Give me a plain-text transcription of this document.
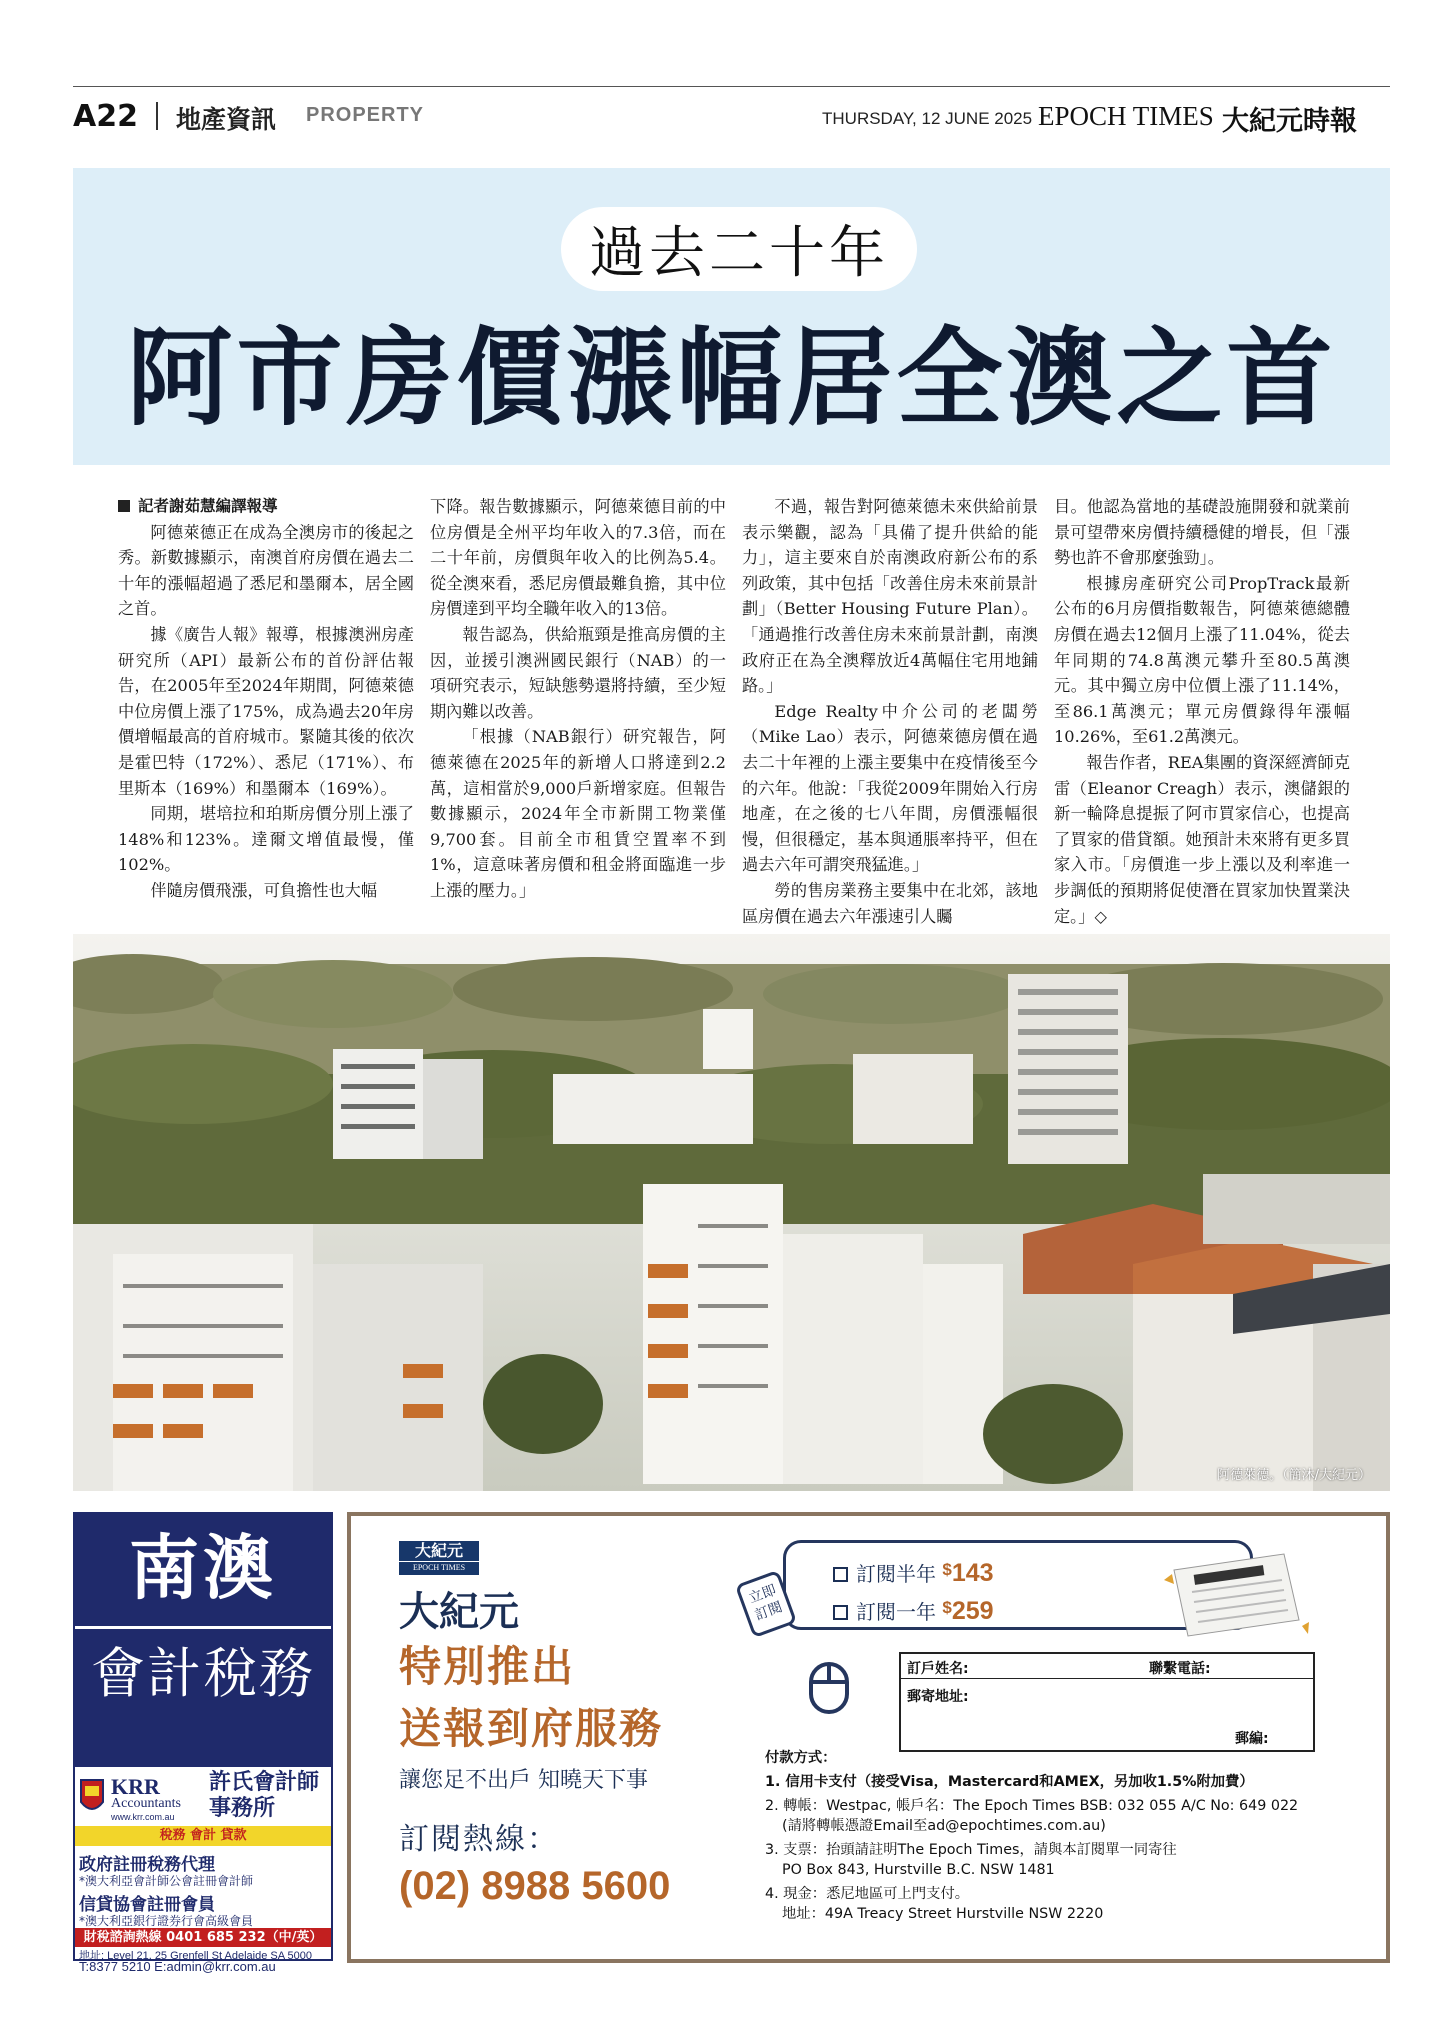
A22 地產資訊 PROPERTY	THURSDAY, 12 JUNE 2025 EPOCH TIMES 大紀元時報
過去二十年
阿市房價漲幅居全澳之首

記者謝茹慧編譯報導

阿德萊德正在成為全澳房市的後起之秀。新數據顯示，南澳首府房價在過去二十年的漲幅超過了悉尼和墨爾本，居全國之首。

據《廣告人報》報導，根據澳洲房產研究所（API）最新公布的首份評估報告，在2005年至2024年期間，阿德萊德中位房價上漲了175%，成為過去20年房價增幅最高的首府城市。緊隨其後的依次是霍巴特（172%）、悉尼（171%）、布里斯本（169%）和墨爾本（169%）。

同期，堪培拉和珀斯房價分別上漲了148%和123%。達爾文增值最慢，僅102%。

伴隨房價飛漲，可負擔性也大幅

下降。報告數據顯示，阿德萊德目前的中位房價是全州平均年收入的7.3倍，而在二十年前，房價與年收入的比例為5.4。從全澳來看，悉尼房價最難負擔，其中位房價達到平均全職年收入的13倍。

報告認為，供給瓶頸是推高房價的主因，並援引澳洲國民銀行（NAB）的一項研究表示，短缺態勢還將持續，至少短期內難以改善。

「根據（NAB銀行）研究報告，阿德萊德在2025年的新增人口將達到2.2萬，這相當於9,000戶新增家庭。但報告數據顯示，2024年全市新開工物業僅9,700套。目前全市租賃空置率不到1%，這意味著房價和租金將面臨進一步上漲的壓力。」

不過，報告對阿德萊德未來供給前景表示樂觀，認為「具備了提升供給的能力」，這主要來自於南澳政府新公布的系列政策，其中包括「改善住房未來前景計劃」（Better Housing Future Plan）。「通過推行改善住房未來前景計劃，南澳政府正在為全澳釋放近4萬幅住宅用地鋪路。」

Edge Realty中介公司的老闆勞（Mike Lao）表示，阿德萊德房價在過去二十年裡的上漲主要集中在疫情後至今的六年。他說：「我從2009年開始入行房地產，在之後的七八年間，房價漲幅很慢，但很穩定，基本與通脹率持平，但在過去六年可謂突飛猛進。」

勞的售房業務主要集中在北郊，該地區房價在過去六年漲速引人矚

目。他認為當地的基礎設施開發和就業前景可望帶來房價持續穩健的增長，但「漲勢也許不會那麼強勁」。

根據房產研究公司PropTrack最新公布的6月房價指數報告，阿德萊德總體房價在過去12個月上漲了11.04%，從去年同期的74.8萬澳元攀升至80.5萬澳元。其中獨立房中位價上漲了11.14%，至86.1萬澳元；單元房價錄得年漲幅10.26%，至61.2萬澳元。

報告作者，REA集團的資深經濟師克雷（Eleanor Creagh）表示，澳儲銀的新一輪降息提振了阿市買家信心，也提高了買家的借貸額。她預計未來將有更多買家入市。「房價進一步上漲以及利率進一步調低的預期將促使潛在買家加快置業決定。」◇

阿德萊德。（簡沐/大紀元）
南澳
會計稅務
KRR
Accountants
www.krr.com.au
許氏會計師事務所
稅務 會計 貸款
政府註冊稅務代理
*澳大利亞會計師公會註冊會計師
信貸協會註冊會員
*澳大利亞銀行證券行會高級會員
財稅諮詢熱線 0401 685 232（中/英）
地址: Level 21, 25 Grenfell St Adelaide SA 5000
T:8377 5210 E:admin@krr.com.au
大紀元
EPOCH TIMES
大紀元
特別推出
送報到府服務
讓您足不出戶 知曉天下事
訂閱熱線：
(02) 8988 5600
立即訂閱
訂閱半年 $143
訂閱一年 $259
訂戶姓名:	聯繫電話:
郵寄地址:
郵編:
付款方式：
1. 信用卡支付（接受Visa，Mastercard和AMEX，另加收1.5%附加費）
2. 轉帳：Westpac, 帳戶名：The Epoch Times BSB: 032 055 A/C No: 649 022
(請將轉帳憑證Email至ad@epochtimes.com.au)
3. 支票：抬頭請註明The Epoch Times，請與本訂閱單一同寄往
PO Box 843, Hurstville B.C. NSW 1481
4. 現金：悉尼地區可上門支付。
地址：49A Treacy Street Hurstville NSW 2220
